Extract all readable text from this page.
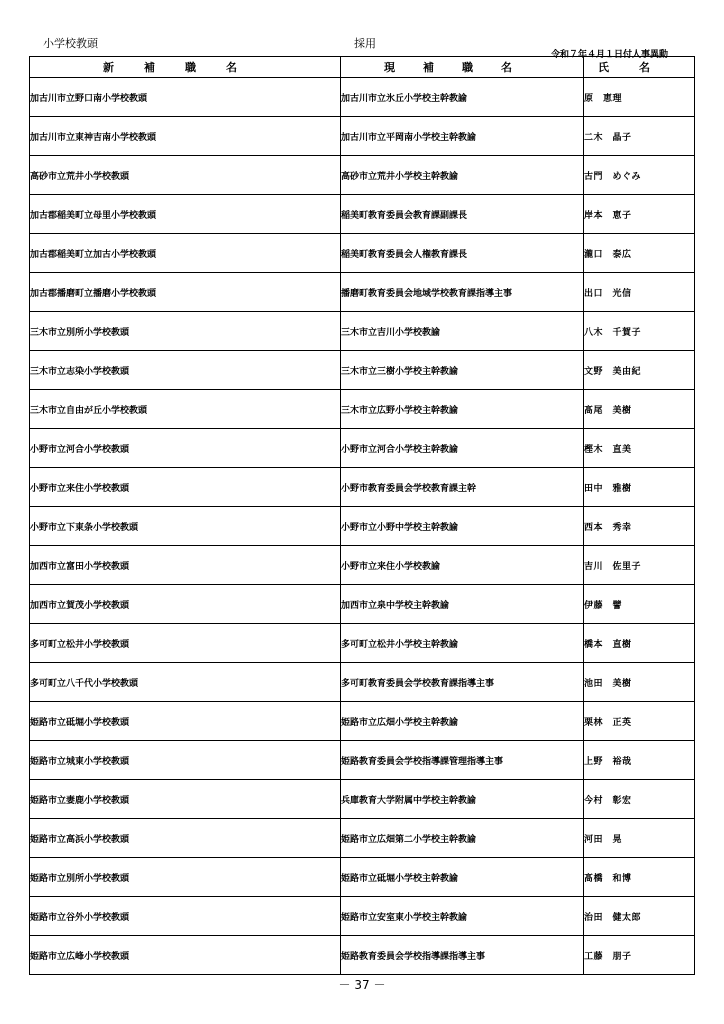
小学校教頭	採用
令和７年４月１日付人事異動
新補職名	現補職名	氏名
加古川市立野口南小学校教頭	加古川市立氷丘小学校主幹教諭	原　恵理
加古川市立東神吉南小学校教頭	加古川市立平岡南小学校主幹教諭	二木　晶子
高砂市立荒井小学校教頭	高砂市立荒井小学校主幹教諭	古門　めぐみ
加古郡稲美町立母里小学校教頭	稲美町教育委員会教育課副課長	岸本　恵子
加古郡稲美町立加古小学校教頭	稲美町教育委員会人権教育課長	瀧口　泰広
加古郡播磨町立播磨小学校教頭	播磨町教育委員会地域学校教育課指導主事	出口　光信
三木市立別所小学校教頭	三木市立吉川小学校教諭	八木　千賀子
三木市立志染小学校教頭	三木市立三樹小学校主幹教諭	文野　美由紀
三木市立自由が丘小学校教頭	三木市立広野小学校主幹教諭	髙尾　美樹
小野市立河合小学校教頭	小野市立河合小学校主幹教諭	樫木　直美
小野市立来住小学校教頭	小野市教育委員会学校教育課主幹	田中　雅樹
小野市立下東条小学校教頭	小野市立小野中学校主幹教諭	西本　秀幸
加西市立富田小学校教頭	小野市立来住小学校教諭	吉川　佐里子
加西市立賀茂小学校教頭	加西市立泉中学校主幹教諭	伊藤　譬
多可町立松井小学校教頭	多可町立松井小学校主幹教諭	橋本　直樹
多可町立八千代小学校教頭	多可町教育委員会学校教育課指導主事	池田　美樹
姫路市立砥堀小学校教頭	姫路市立広畑小学校主幹教諭	栗林　正英
姫路市立城東小学校教頭	姫路教育委員会学校指導課管理指導主事	上野　裕哉
姫路市立妻鹿小学校教頭	兵庫教育大学附属中学校主幹教諭	今村　彰宏
姫路市立高浜小学校教頭	姫路市立広畑第二小学校主幹教諭	河田　晃
姫路市立別所小学校教頭	姫路市立砥堀小学校主幹教諭	髙橋　和博
姫路市立谷外小学校教頭	姫路市立安室東小学校主幹教諭	治田　健太郎
姫路市立広峰小学校教頭	姫路教育委員会学校指導課指導主事	工藤　朋子
－ 37 －
